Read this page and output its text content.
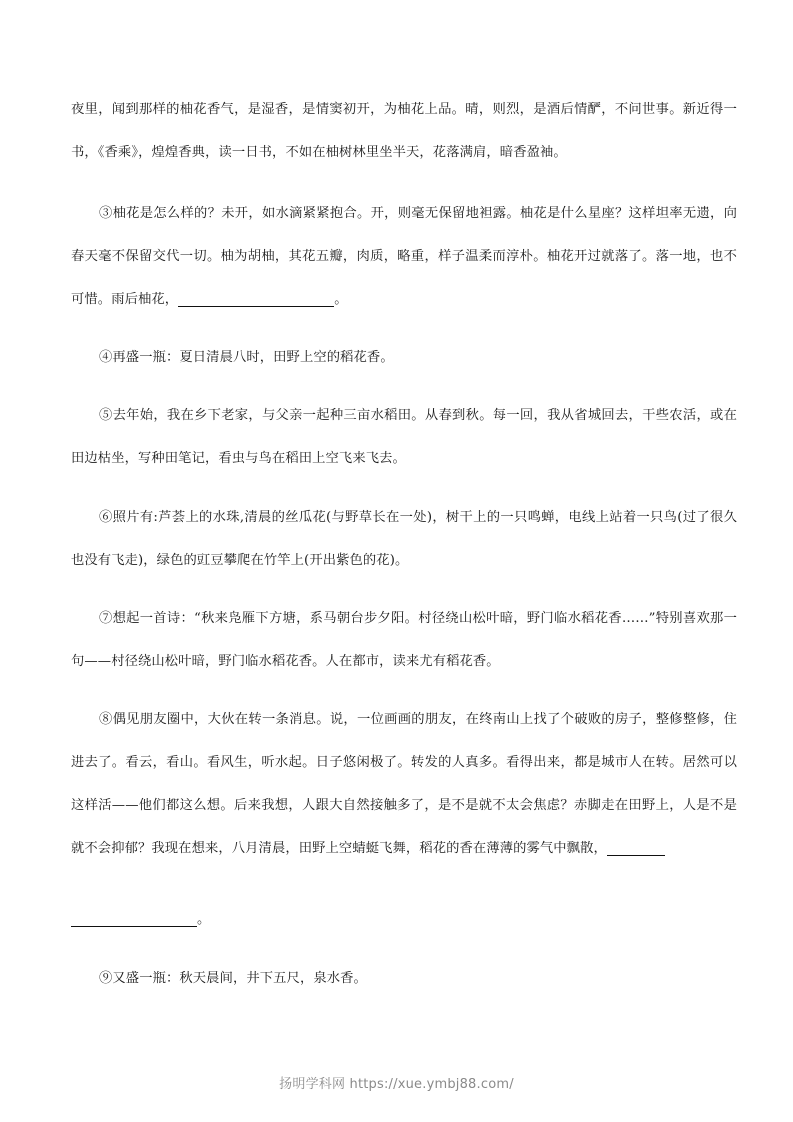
夜里，闻到那样的柚花香气，是湿香，是情窦初开，为柚花上品。晴，则烈，是酒后情酽，不问世事。新近得一书，《香乘》，煌煌香典，读一日书，不如在柚树林里坐半天，花落满肩，暗香盈袖。

③柚花是怎么样的？未开，如水滴紧紧抱合。开，则毫无保留地袒露。柚花是什么星座？这样坦率无遗，向春天毫不保留交代一切。柚为胡柚，其花五瓣，肉质，略重，样子温柔而淳朴。柚花开过就落了。落一地，也不可惜。雨后柚花，	。

④再盛一瓶：夏日清晨八时，田野上空的稻花香。

⑤去年始，我在乡下老家，与父亲一起种三亩水稻田。从春到秋。每一回，我从省城回去，干些农活，或在田边枯坐，写种田笔记，看虫与鸟在稻田上空飞来飞去。

⑥照片有:芦荟上的水珠,清晨的丝瓜花(与野草长在一处)，树干上的一只鸣蝉，电线上站着一只鸟(过了很久也没有飞走)，绿色的豇豆攀爬在竹竿上(开出紫色的花)。

⑦想起一首诗：“秋来凫雁下方塘，系马朝台步夕阳。村径绕山松叶暗，野门临水稻花香……”特别喜欢那一句——村径绕山松叶暗，野门临水稻花香。人在都市，读来尤有稻花香。

⑧偶见朋友圈中，大伙在转一条消息。说，一位画画的朋友，在终南山上找了个破败的房子，整修整修，住进去了。看云，看山。看风生，听水起。日子悠闲极了。转发的人真多。看得出来，都是城市人在转。居然可以这样活——他们都这么想。后来我想，人跟大自然接触多了，是不是就不太会焦虑？赤脚走在田野上，人是不是就不会抑郁？我现在想来，八月清晨，田野上空蜻蜓飞舞，稻花的香在薄薄的雾气中飘散，

。

⑨又盛一瓶：秋天晨间，井下五尺，泉水香。

扬明学科网 https://xue.ymbj88.com/
